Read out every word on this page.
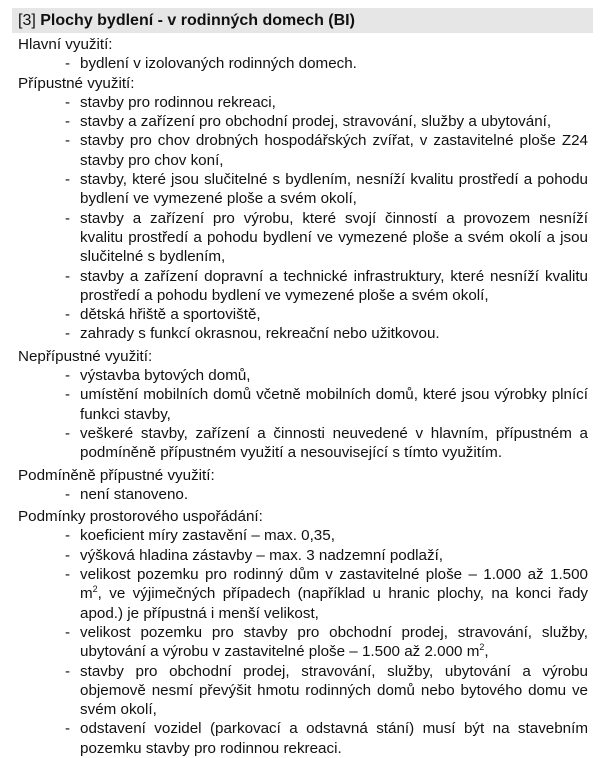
[3] Plochy bydlení - v rodinných domech (BI)

Hlavní využití:

- bydlení v izolovaných rodinných domech.

Přípustné využití:

- stavby pro rodinnou rekreaci,
- stavby a zařízení pro obchodní prodej, stravování, služby a ubytování,
- stavby pro chov drobných hospodářských zvířat, v zastavitelné ploše Z24 stavby pro chov koní,
- stavby, které jsou slučitelné s bydlením, nesníží kvalitu prostředí a pohodu bydlení ve vymezené ploše a svém okolí,
- stavby a zařízení pro výrobu, které svojí činností a provozem nesníží kvalitu prostředí a pohodu bydlení ve vymezené ploše a svém okolí a jsou slučitelné s bydlením,
- stavby a zařízení dopravní a technické infrastruktury, které nesníží kvalitu prostředí a pohodu bydlení ve vymezené ploše a svém okolí,
- dětská hřiště a sportoviště,
- zahrady s funkcí okrasnou, rekreační nebo užitkovou.

Nepřípustné využití:

- výstavba bytových domů,
- umístění mobilních domů včetně mobilních domů, které jsou výrobky plnící funkci stavby,
- veškeré stavby, zařízení a činnosti neuvedené v hlavním, přípustném a podmíněně přípustném využití a nesouvisející s tímto využitím.

Podmíněně přípustné využití:

- není stanoveno.

Podmínky prostorového uspořádání:

- koeficient míry zastavění – max. 0,35,
- výšková hladina zástavby – max. 3 nadzemní podlaží,
- velikost pozemku pro rodinný dům v zastavitelné ploše – 1.000 až 1.500 $m^2$, ve výjimečných případech (například u hranic plochy, na konci řady apod.) je přípustná i menší velikost,
- velikost pozemku pro stavby pro obchodní prodej, stravování, služby, ubytování a výrobu v zastavitelné ploše – 1.500 až 2.000 $m^2$,
- stavby pro obchodní prodej, stravování, služby, ubytování a výrobu objemově nesmí převýšit hmotu rodinných domů nebo bytového domu ve svém okolí,
- odstavení vozidel (parkovací a odstavná stání) musí být na stavebním pozemku stavby pro rodinnou rekreaci.
